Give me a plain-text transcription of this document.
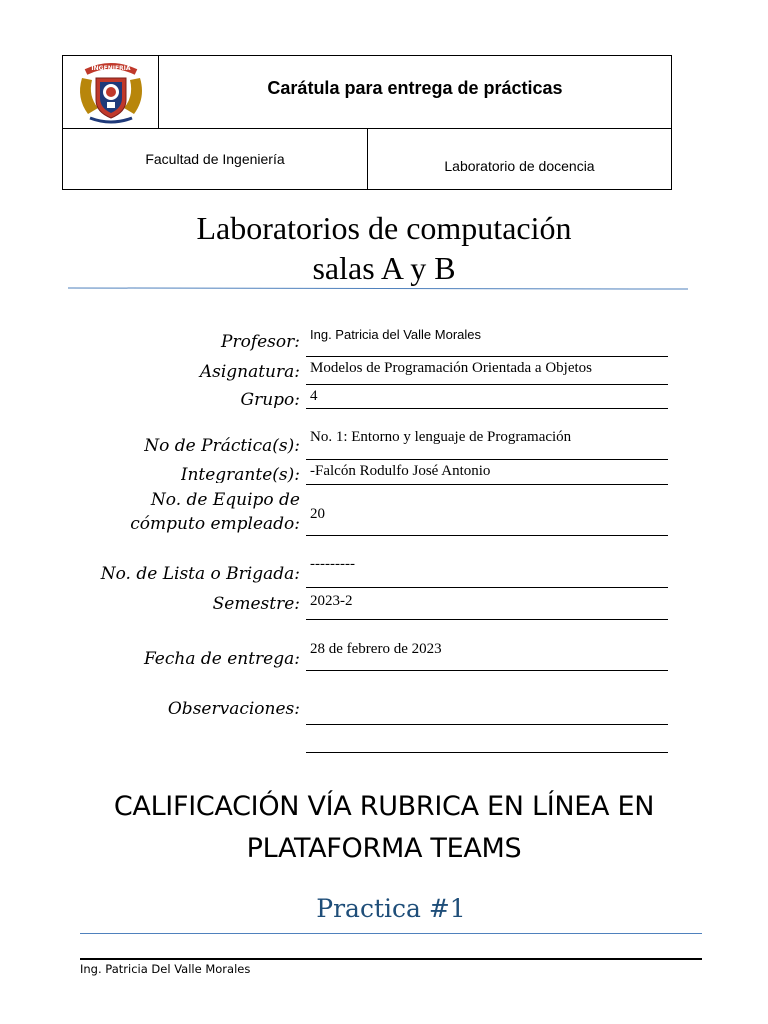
INGENIERIA
Carátula para entrega de prácticas
Facultad de Ingeniería	Laboratorio de docencia
Laboratorios de computación
salas A y B
Profesor: Ing. Patricia del Valle Morales
Asignatura: Modelos de Programación Orientada a Objetos
Grupo: 4
No de Práctica(s): No. 1: Entorno y lenguaje de Programación
Integrante(s): -Falcón Rodulfo José Antonio
No. de Equipo de
cómputo empleado: 20
No. de Lista o Brigada: ---------
Semestre: 2023-2
Fecha de entrega: 28 de febrero de 2023
Observaciones:
CALIFICACIÓN VÍA RUBRICA EN LÍNEA EN
PLATAFORMA TEAMS
Practica #1
Ing. Patricia Del Valle Morales
